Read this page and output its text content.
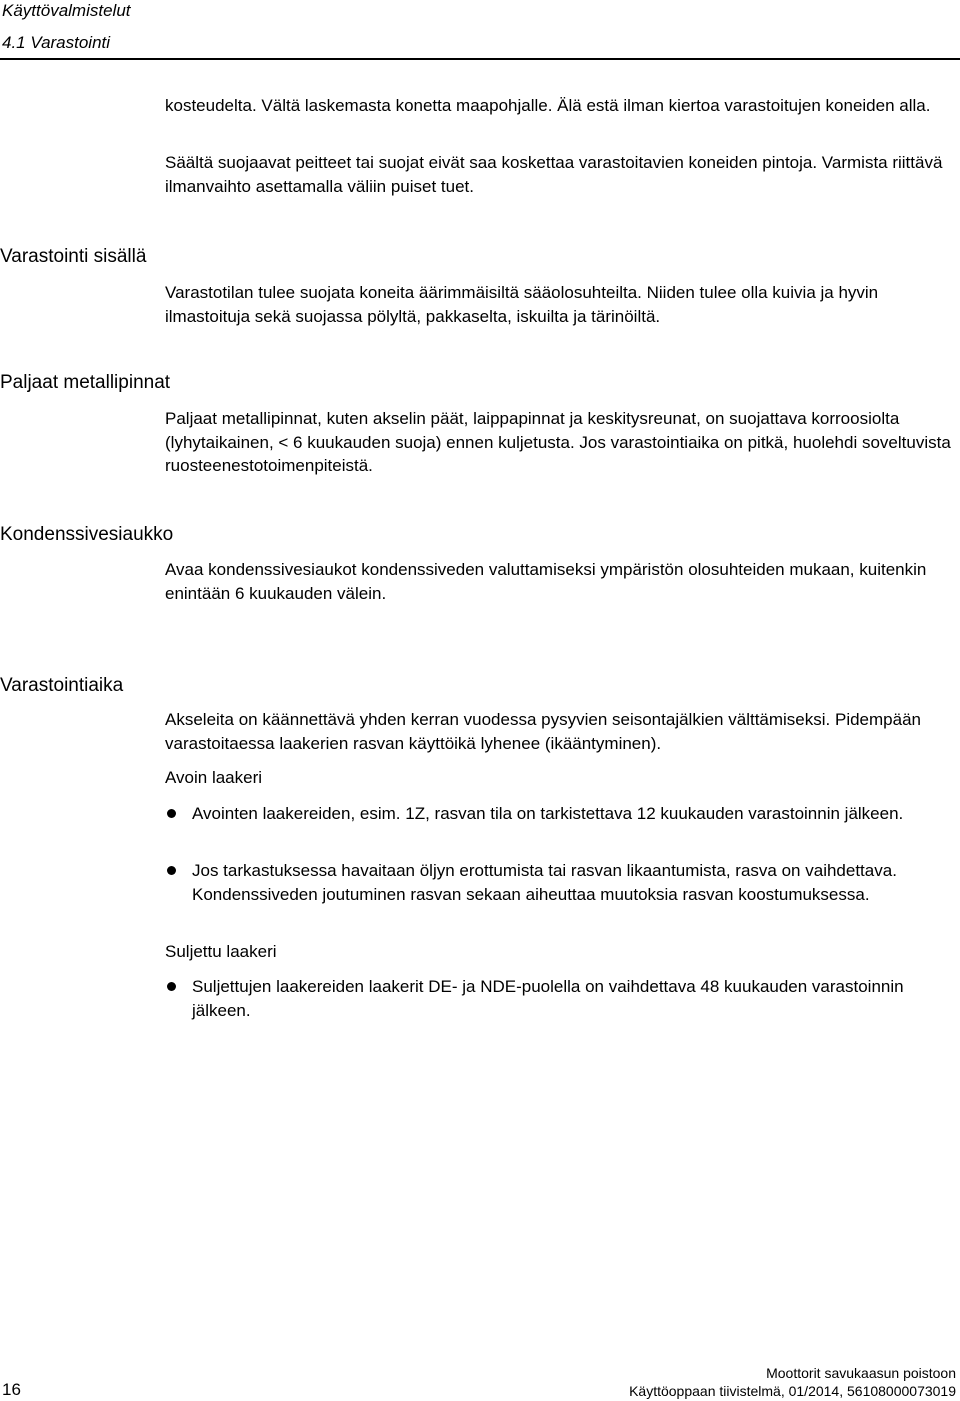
Käyttövalmistelut
4.1 Varastointi

kosteudelta. Vältä laskemasta konetta maapohjalle. Älä estä ilman kiertoa varastoitujen koneiden alla.

Säältä suojaavat peitteet tai suojat eivät saa koskettaa varastoitavien koneiden pintoja. Varmista riittävä ilmanvaihto asettamalla väliin puiset tuet.

Varastointi sisällä

Varastotilan tulee suojata koneita äärimmäisiltä sääolosuhteilta. Niiden tulee olla kuivia ja hyvin ilmastoituja sekä suojassa pölyltä, pakkaselta, iskuilta ja tärinöiltä.

Paljaat metallipinnat

Paljaat metallipinnat, kuten akselin päät, laippapinnat ja keskitysreunat, on suojattava korroosiolta (lyhytaikainen, < 6 kuukauden suoja) ennen kuljetusta. Jos varastointiaika on pitkä, huolehdi soveltuvista ruosteenestotoimenpiteistä.

Kondenssivesiaukko

Avaa kondenssivesiaukot kondenssiveden valuttamiseksi ympäristön olosuhteiden mukaan, kuitenkin enintään 6 kuukauden välein.

Varastointiaika

Akseleita on käännettävä yhden kerran vuodessa pysyvien seisontajälkien välttämiseksi. Pidempään varastoitaessa laakerien rasvan käyttöikä lyhenee (ikääntyminen).

Avoin laakeri
Avointen laakereiden, esim. 1Z, rasvan tila on tarkistettava 12 kuukauden varastoinnin jälkeen.
Jos tarkastuksessa havaitaan öljyn erottumista tai rasvan likaantumista, rasva on vaihdettava. Kondenssiveden joutuminen rasvan sekaan aiheuttaa muutoksia rasvan koostumuksessa.
Suljettu laakeri
Suljettujen laakereiden laakerit DE- ja NDE-puolella on vaihdettava 48 kuukauden varastoinnin jälkeen.
16
Moottorit savukaasun poistoon
Käyttöoppaan tiivistelmä, 01/2014, 56108000073019
